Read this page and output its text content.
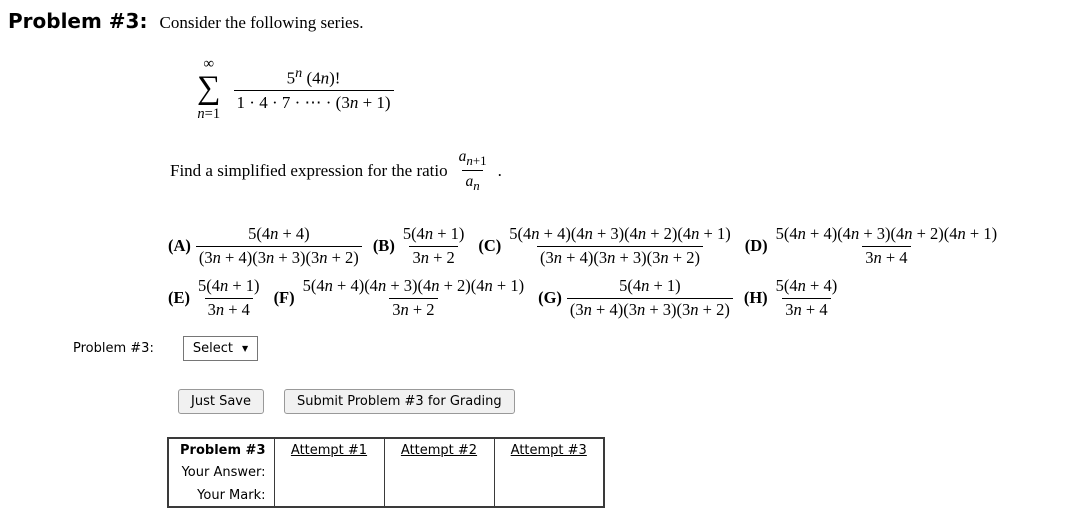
Problem #3: Consider the following series.
∞
∑
n=1
$\frac{5^n (4n)!}{1 \cdot 4 \cdot 7 \cdot \cdots \cdot (3n + 1)}$
Find a simplified expression for the ratio $\frac{a_{n+1}}{a_n}$ .
$(A) \frac{5(4n + 4)}{(3n + 4)(3n + 3)(3n + 2)} (B) \frac{5(4n + 1)}{3n + 2} (C) \frac{5(4n + 4)(4n + 3)(4n + 2)(4n + 1)}{(3n + 4)(3n + 3)(3n + 2)} (D) \frac{5(4n + 4)(4n + 3)(4n + 2)(4n + 1)}{3n + 4}$
$(E) \frac{5(4n + 1)}{3n + 4} (F) \frac{5(4n + 4)(4n + 3)(4n + 2)(4n + 1)}{3n + 2} (G) \frac{5(4n + 1)}{(3n + 4)(3n + 3)(3n + 2)} (H) \frac{5(4n + 4)}{3n + 4}$
Problem #3:	Select ▼
Just Save	Submit Problem #3 for Grading
Problem #3	Attempt #1	Attempt #2	Attempt #3
Your Answer:			
Your Mark:			
